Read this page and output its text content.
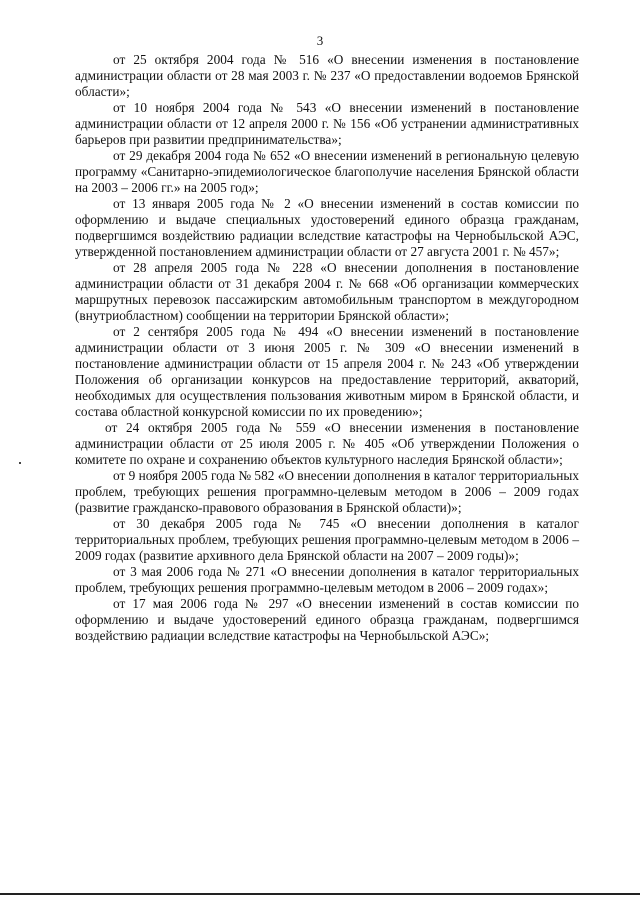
3

от 25 октября 2004 года № 516 «О внесении изменения в постановление администрации области от 28 мая 2003 г. № 237 «О предоставлении водоемов Брянской области»;

от 10 ноября 2004 года № 543 «О внесении изменений в постановление администрации области от 12 апреля 2000 г. № 156 «Об устранении административных барьеров при развитии предпринимательства»;

от 29 декабря 2004 года № 652 «О внесении изменений в региональную целевую программу «Санитарно-эпидемиологическое благополучие населения Брянской области на 2003 – 2006 гг.» на 2005 год»;

от 13 января 2005 года № 2 «О внесении изменений в состав комиссии по оформлению и выдаче специальных удостоверений единого образца гражданам, подвергшимся воздействию радиации вследствие катастрофы на Чернобыльской АЭС, утвержденной постановлением администрации области от 27 августа 2001 г. № 457»;

от 28 апреля 2005 года № 228 «О внесении дополнения в постановление администрации области от 31 декабря 2004 г. № 668 «Об организации коммерческих маршрутных перевозок пассажирским автомобильным транспортом в междугородном (внутриобластном) сообщении на территории Брянской области»;

от 2 сентября 2005 года № 494 «О внесении изменений в постановление администрации области от 3 июня 2005 г. № 309 «О внесении изменений в постановление администрации области от 15 апреля 2004 г. № 243 «Об утверждении Положения об организации конкурсов на предоставление территорий, акваторий, необходимых для осуществления пользования животным миром в Брянской области, и состава областной конкурсной комиссии по их проведению»;

от 24 октября 2005 года № 559 «О внесении изменения в постановление администрации области от 25 июля 2005 г. № 405 «Об утверждении Положения о комитете по охране и сохранению объектов культурного наследия Брянской области»;

от 9 ноября 2005 года № 582 «О внесении дополнения в каталог территориальных проблем, требующих решения программно-целевым методом в 2006 – 2009 годах (развитие гражданско-правового образования в Брянской области)»;

от 30 декабря 2005 года № 745 «О внесении дополнения в каталог территориальных проблем, требующих решения программно-целевым методом в 2006 – 2009 годах (развитие архивного дела Брянской области на 2007 – 2009 годы)»;

от 3 мая 2006 года № 271 «О внесении дополнения в каталог территориальных проблем, требующих решения программно-целевым методом в 2006 – 2009 годах»;

от 17 мая 2006 года № 297 «О внесении изменений в состав комиссии по оформлению и выдаче удостоверений единого образца гражданам, подвергшимся воздействию радиации вследствие катастрофы на Чернобыльской АЭС»;
